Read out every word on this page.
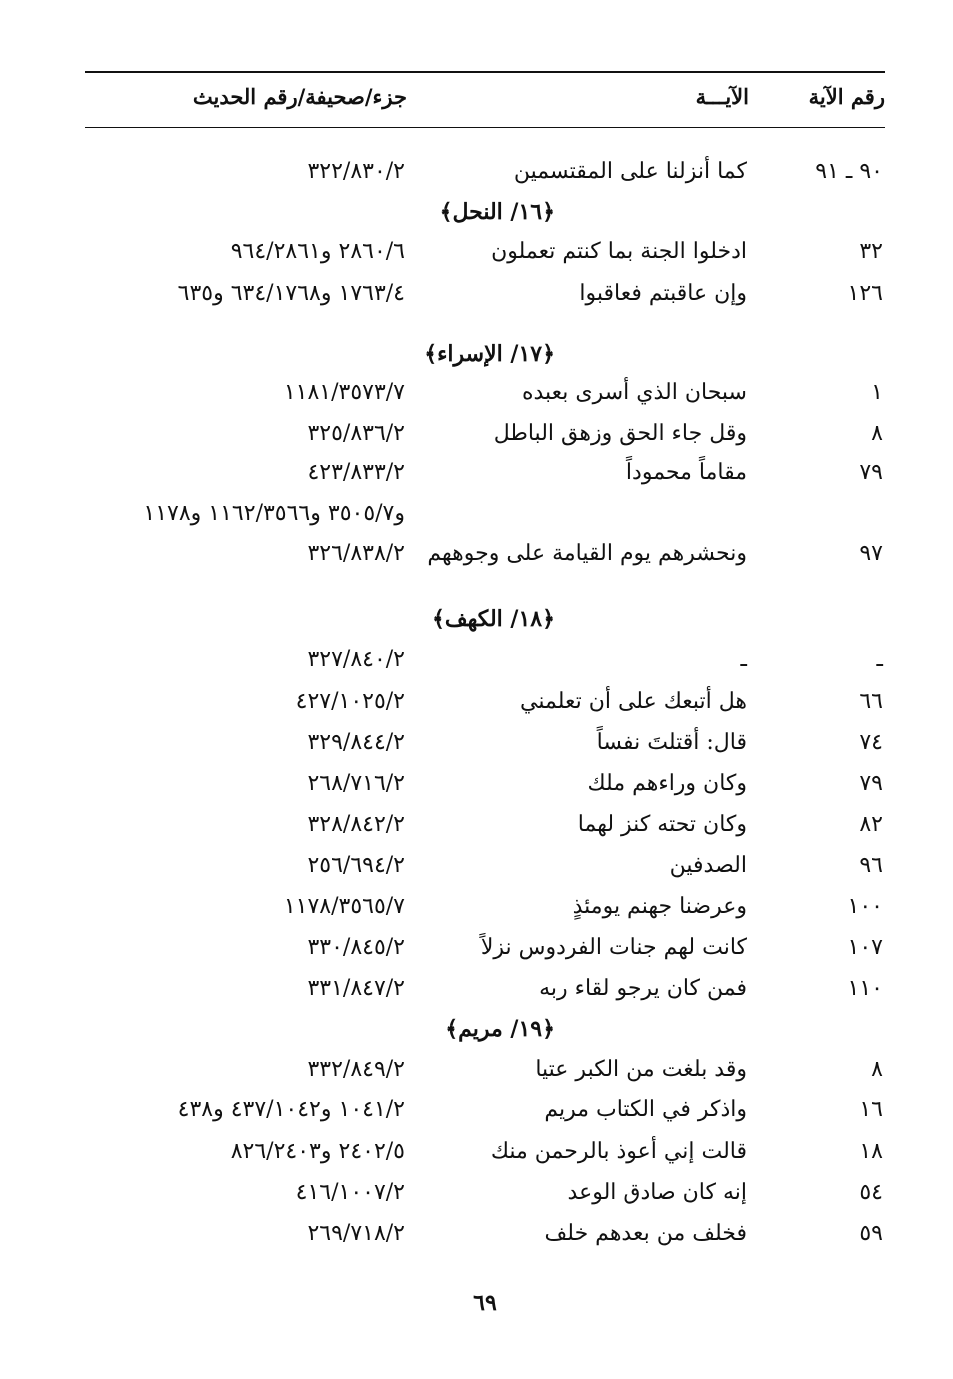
رقم الآية
الآيـــة
جزء/صحيفة/رقم الحديث
٩٠ ـ ٩١
كما أنزلنا على المقتسمين
٣٢٢/٨٣٠/٢
﴿١٦/ النحل﴾
٣٢
ادخلوا الجنة بما كنتم تعملون
٢٨٦٠/٦ و٩٦٤/٢٨٦١
١٢٦
وإن عاقبتم فعاقبوا
١٧٦٣/٤ و٦٣٤/١٧٦٨ و٦٣٥
﴿١٧/ الإسراء﴾
١
سبحان الذي أسرى بعبده
١١٨١/٣٥٧٣/٧
٨
وقل جاء الحق وزهق الباطل
٣٢٥/٨٣٦/٢
٧٩
مقاماً محموداً
٤٢٣/٨٣٣/٢
و٣٥٠٥/٧ و١١٦٢/٣٥٦٦ و١١٧٨
٩٧
ونحشرهم يوم القيامة على وجوههم
٣٢٦/٨٣٨/٢
﴿١٨/ الكهف﴾
ـ
ـ
٣٢٧/٨٤٠/٢
٦٦
هل أتبعك على أن تعلمني
٤٢٧/١٠٢٥/٢
٧٤
قال: أقتلتَ نفساً
٣٢٩/٨٤٤/٢
٧٩
وكان وراءهم ملك
٢٦٨/٧١٦/٢
٨٢
وكان تحته كنز لهما
٣٢٨/٨٤٢/٢
٩٦
الصدفين
٢٥٦/٦٩٤/٢
١٠٠
وعرضنا جهنم يومئذٍ
١١٧٨/٣٥٦٥/٧
١٠٧
كانت لهم جنات الفردوس نزلاً
٣٣٠/٨٤٥/٢
١١٠
فمن كان يرجو لقاء ربه
٣٣١/٨٤٧/٢
﴿١٩/ مريم﴾
٨
وقد بلغت من الكبر عتيا
٣٣٢/٨٤٩/٢
١٦
واذكر في الكتاب مريم
١٠٤١/٢ و٤٣٧/١٠٤٢ و٤٣٨
١٨
قالت إني أعوذ بالرحمن منك
٢٤٠٢/٥ و٨٢٦/٢٤٠٣
٥٤
إنه كان صادق الوعد
٤١٦/١٠٠٧/٢
٥٩
فخلف من بعدهم خلف
٢٦٩/٧١٨/٢
٦٩
